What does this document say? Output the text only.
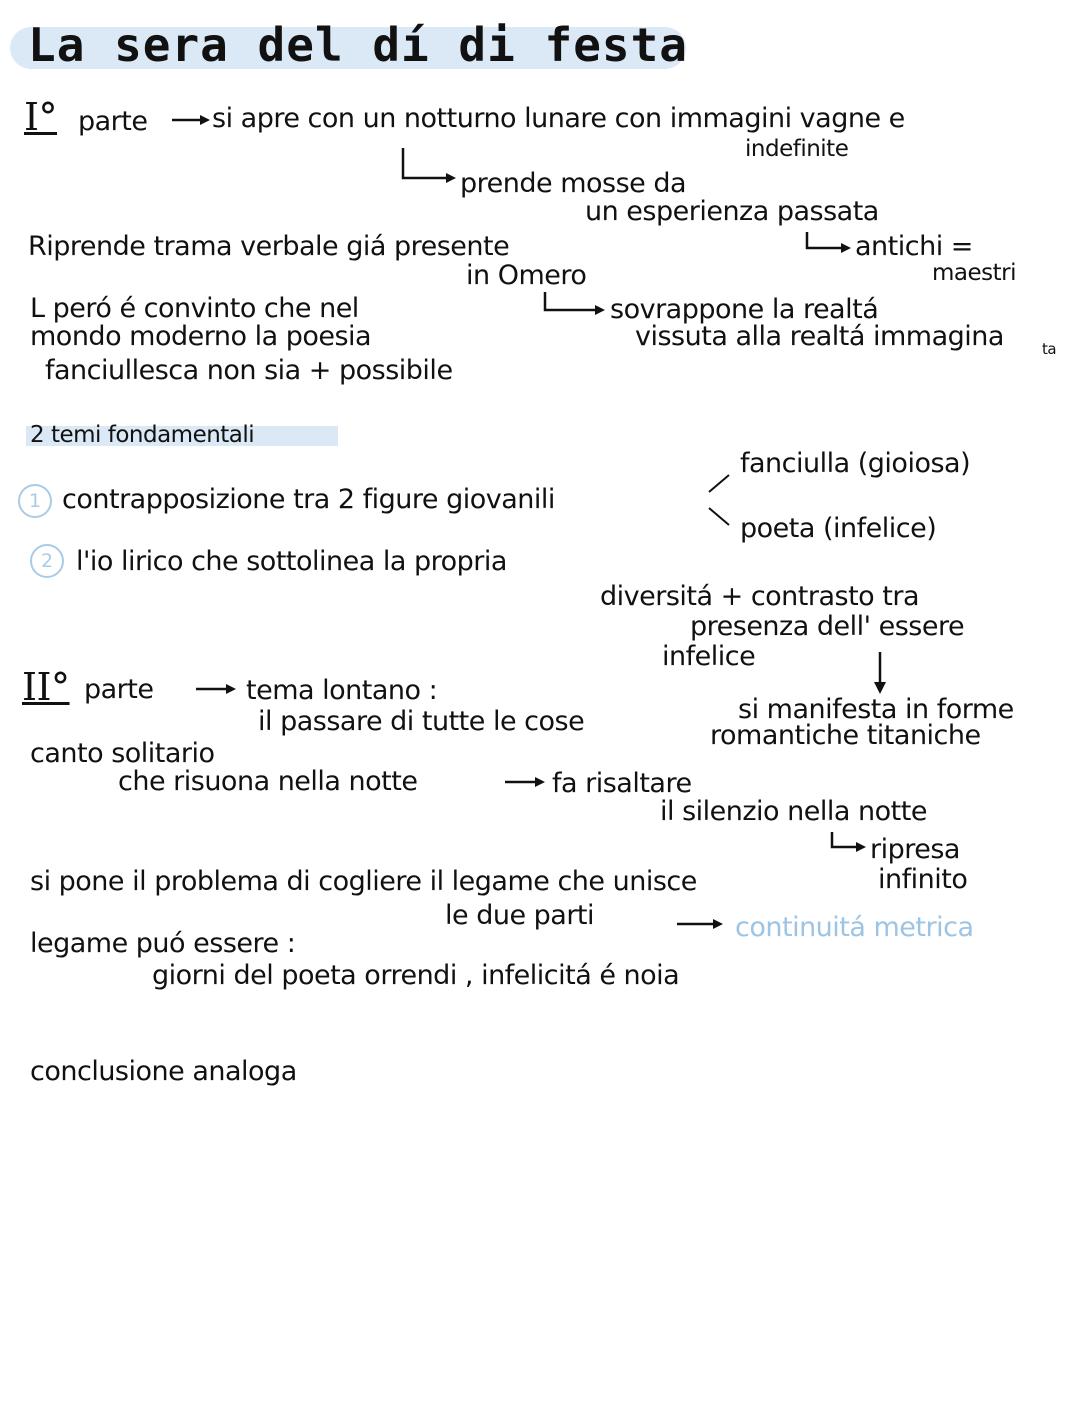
La sera del dí di festa
I° parte si apre con un notturno lunare con immagini vagne e
indefinite
prende mosse da
un esperienza passata
Riprende trama verbale giá presente
in Omero
antichi =
maestri
L peró é convinto che nel
mondo moderno la poesia
fanciullesca non sia + possibile
sovrappone la realtá
vissuta alla realtá immagina	ta
2 temi fondamentali
fanciulla (gioiosa)
1 contrapposizione tra 2 figure giovanili
poeta (infelice)
2 l'io lirico che sottolinea la propria
diversitá + contrasto tra
presenza dell' essere
infelice
si manifesta in forme
romantiche titaniche
II° parte	tema lontano :
il passare di tutte le cose
canto solitario
che risuona nella notte	fa risaltare
il silenzio nella notte
ripresa
infinito
si pone il problema di cogliere il legame che unisce
le due parti	continuitá metrica
legame puó essere :
giorni del poeta orrendi , infelicitá é noia
conclusione analoga
